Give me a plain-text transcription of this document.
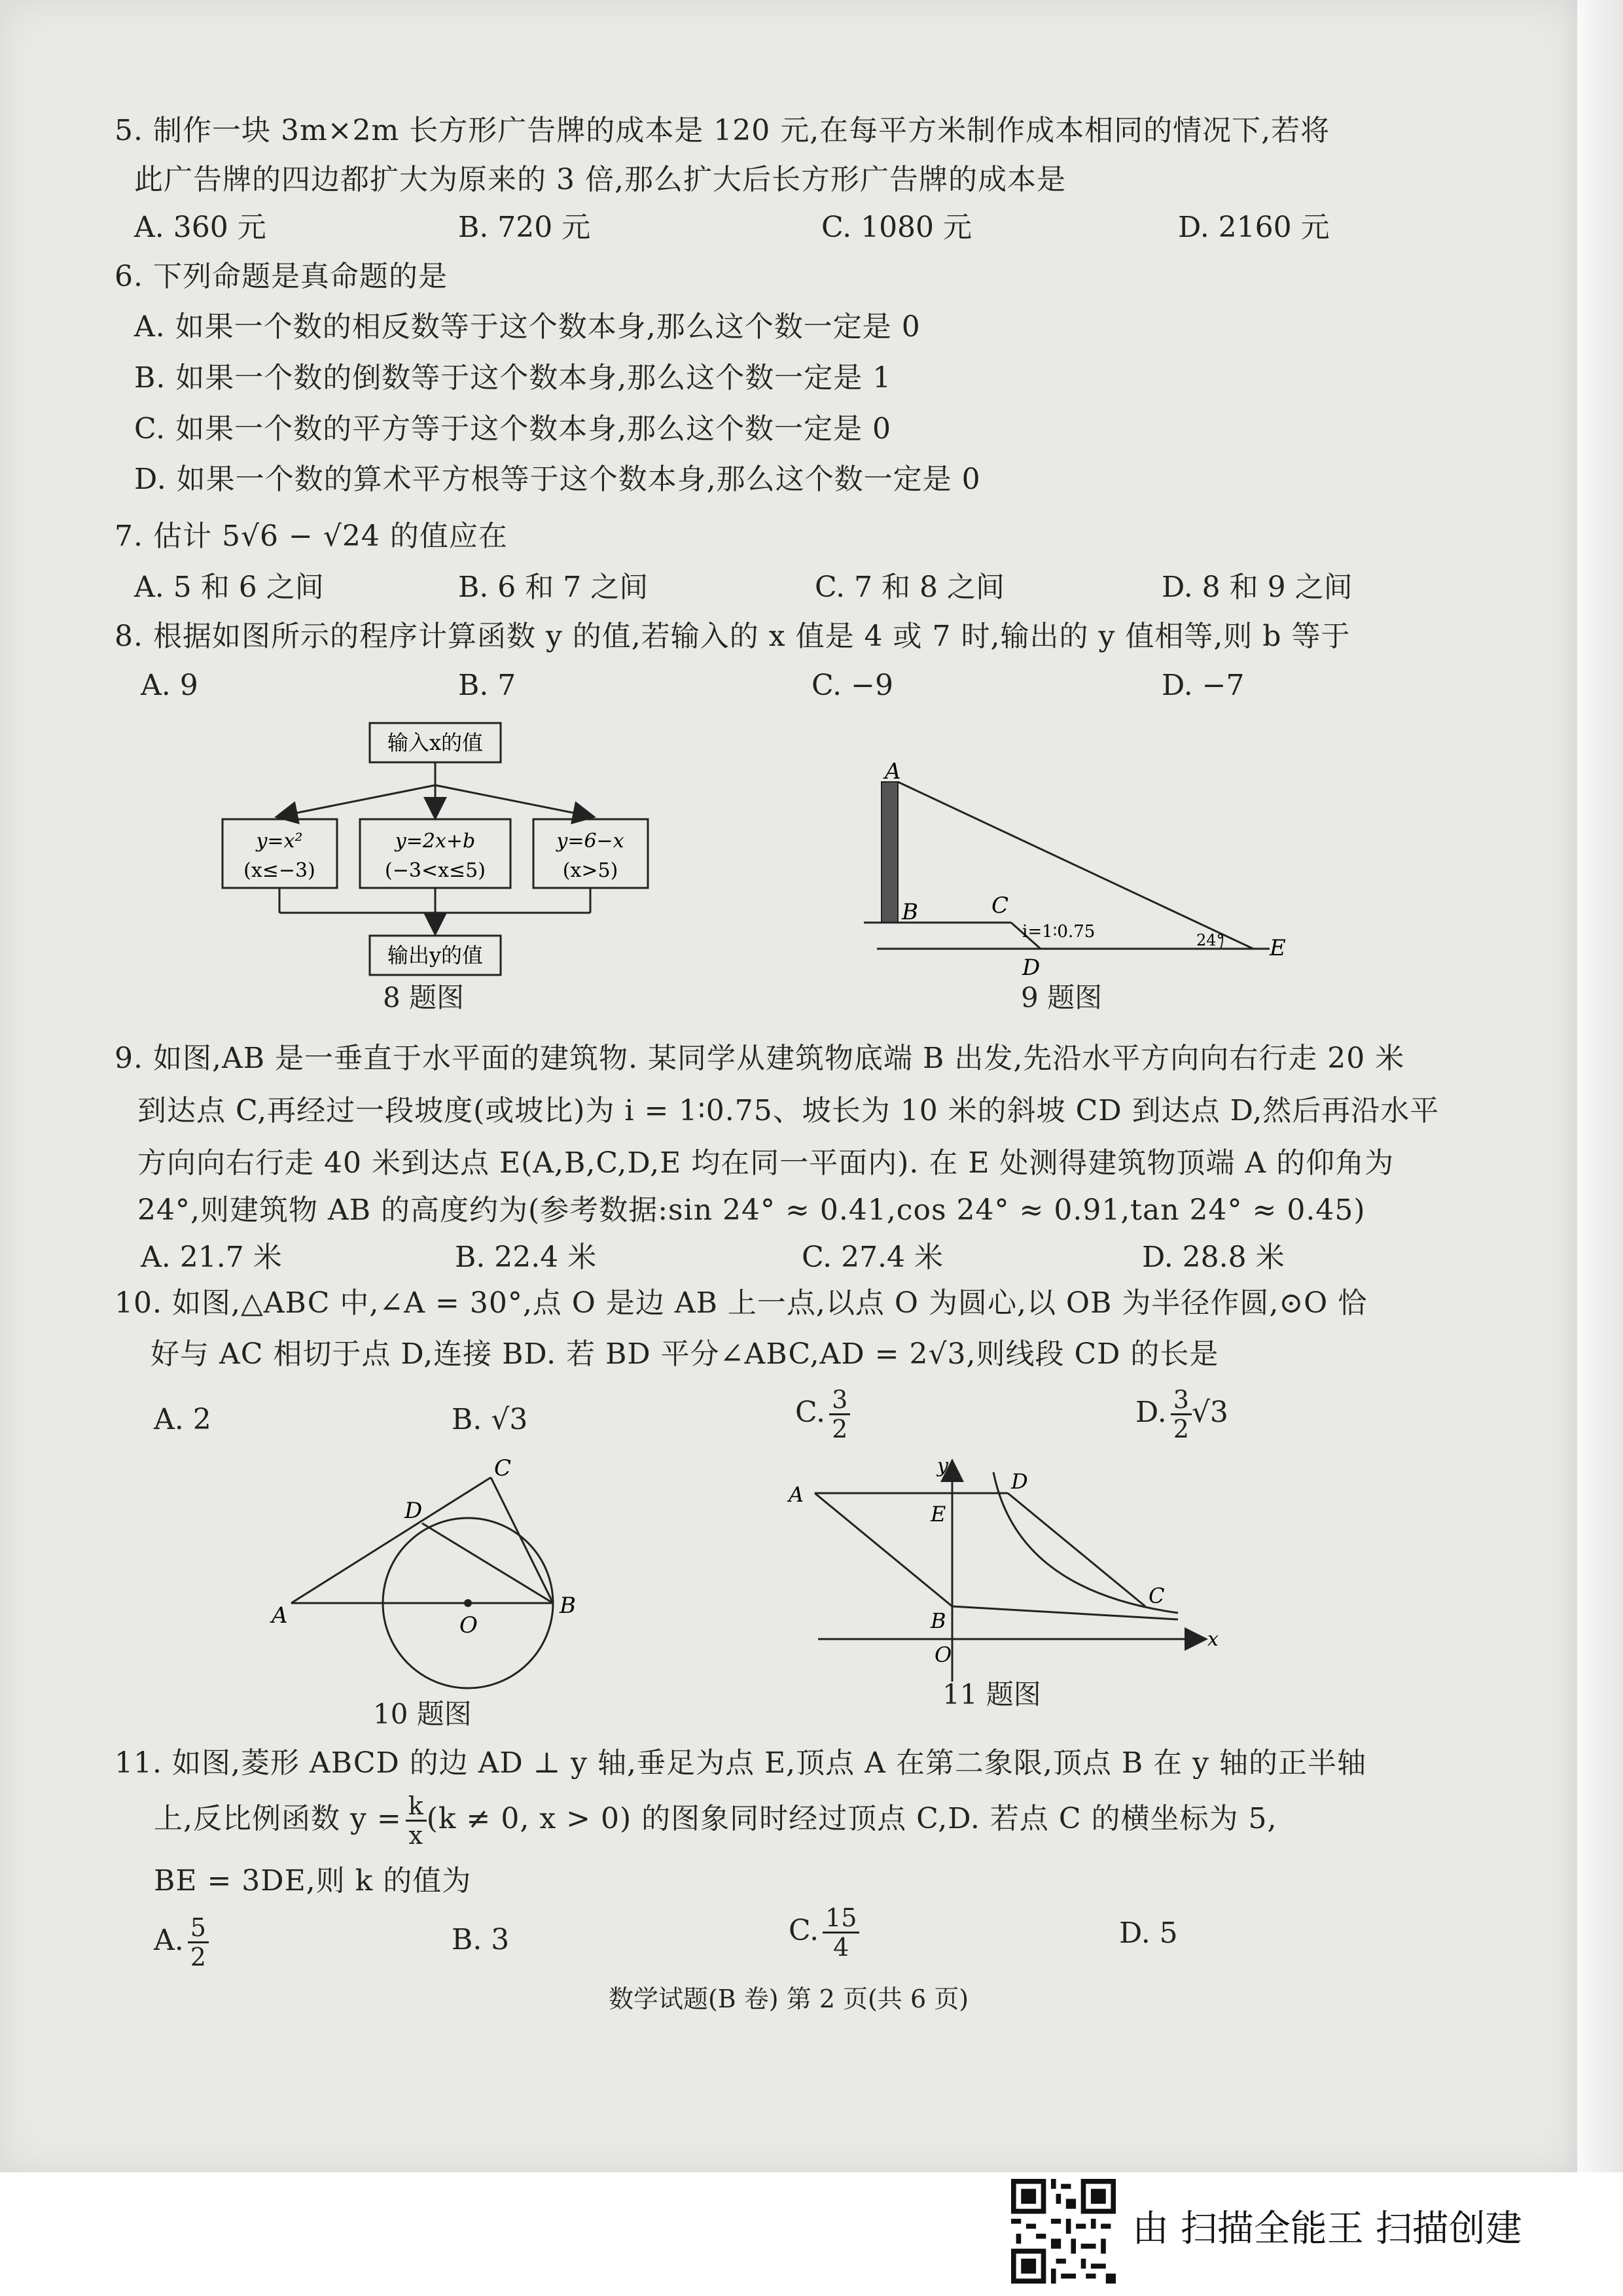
5. 制作一块 3m×2m 长方形广告牌的成本是 120 元,在每平方米制作成本相同的情况下,若将
此广告牌的四边都扩大为原来的 3 倍,那么扩大后长方形广告牌的成本是
A. 360 元	B. 720 元	C. 1080 元	D. 2160 元
6. 下列命题是真命题的是
A. 如果一个数的相反数等于这个数本身,那么这个数一定是 0
B. 如果一个数的倒数等于这个数本身,那么这个数一定是 1
C. 如果一个数的平方等于这个数本身,那么这个数一定是 0
D. 如果一个数的算术平方根等于这个数本身,那么这个数一定是 0
7. 估计 5√6 − √24 的值应在
A. 5 和 6 之间	B. 6 和 7 之间	C. 7 和 8 之间	D. 8 和 9 之间
8. 根据如图所示的程序计算函数 y 的值,若输入的 x 值是 4 或 7 时,输出的 y 值相等,则 b 等于
A. 9	B. 7	C. −9	D. −7
输入x的值
y=x²
(x≤−3)
y=2x+b
(−3<x≤5)
y=6−x
(x>5)
输出y的值
8 题图
A
B	C
D
E
i=1∶0.75	24°
9 题图
9. 如图,AB 是一垂直于水平面的建筑物. 某同学从建筑物底端 B 出发,先沿水平方向向右行走 20 米
到达点 C,再经过一段坡度(或坡比)为 i = 1∶0.75、坡长为 10 米的斜坡 CD 到达点 D,然后再沿水平
方向向右行走 40 米到达点 E(A,B,C,D,E 均在同一平面内). 在 E 处测得建筑物顶端 A 的仰角为
24°,则建筑物 AB 的高度约为(参考数据:sin 24° ≈ 0.41,cos 24° ≈ 0.91,tan 24° ≈ 0.45)
A. 21.7 米	B. 22.4 米	C. 27.4 米	D. 28.8 米
10. 如图,△ABC 中,∠A = 30°,点 O 是边 AB 上一点,以点 O 为圆心,以 OB 为半径作圆,⊙O 恰
好与 AC 相切于点 D,连接 BD. 若 BD 平分∠ABC,AD = 2√3,则线段 CD 的长是
A. 2	B. √3	C. $\frac{3}{2}$	D. $\frac{3}{2} √3$
A	B
C
D
O
10 题图
A
B
C
D
E
O
x
y
11 题图
11. 如图,菱形 ABCD 的边 AD ⊥ y 轴,垂足为点 E,顶点 A 在第二象限,顶点 B 在 y 轴的正半轴
上,反比例函数 $y = \frac{k}{x} (k \ne 0$, x > 0) 的图象同时经过顶点 C,D. 若点 C 的横坐标为 5,
BE = 3DE,则 k 的值为
A. $\frac{5}{2}$	B. 3	C. $\frac{15}{4}$	D. 5
数学试题(B 卷) 第 2 页(共 6 页)
由 扫描全能王 扫描创建
